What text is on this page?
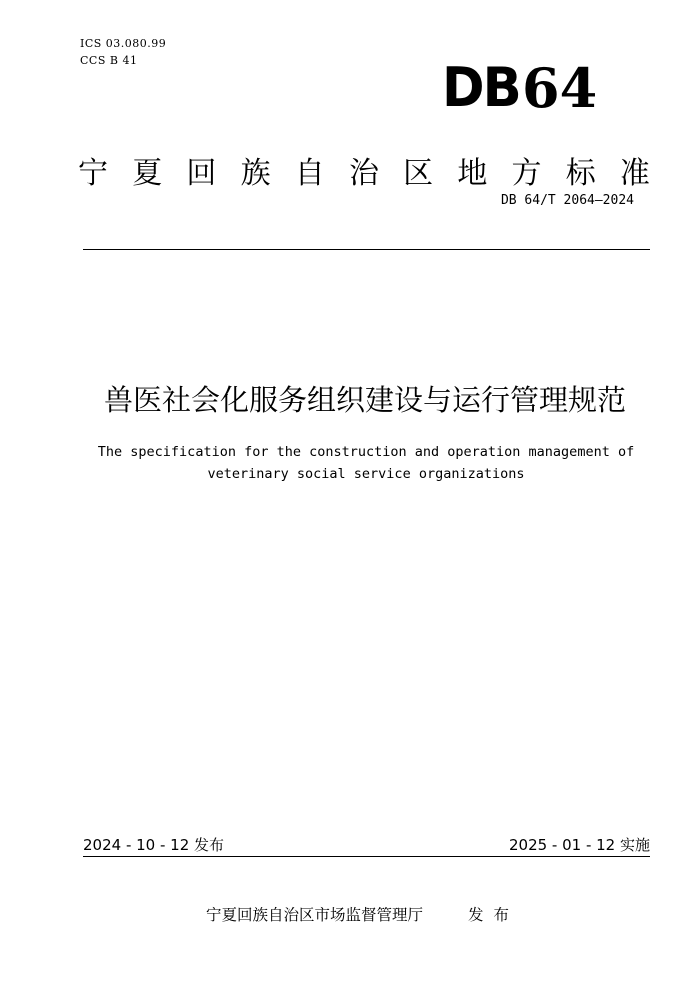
ICS 03.080.99
CCS B 41	DB 64
宁 夏 回 族 自 治 区 地 方 标 准
DB 64/T 2064—2024
兽医社会化服务组织建设与运行管理规范
The specification for the construction and operation management of
veterinary social service organizations
2024 - 10 - 12 发布	2025 - 01 - 12 实施
宁夏回族自治区市场监督管理厅	发布
